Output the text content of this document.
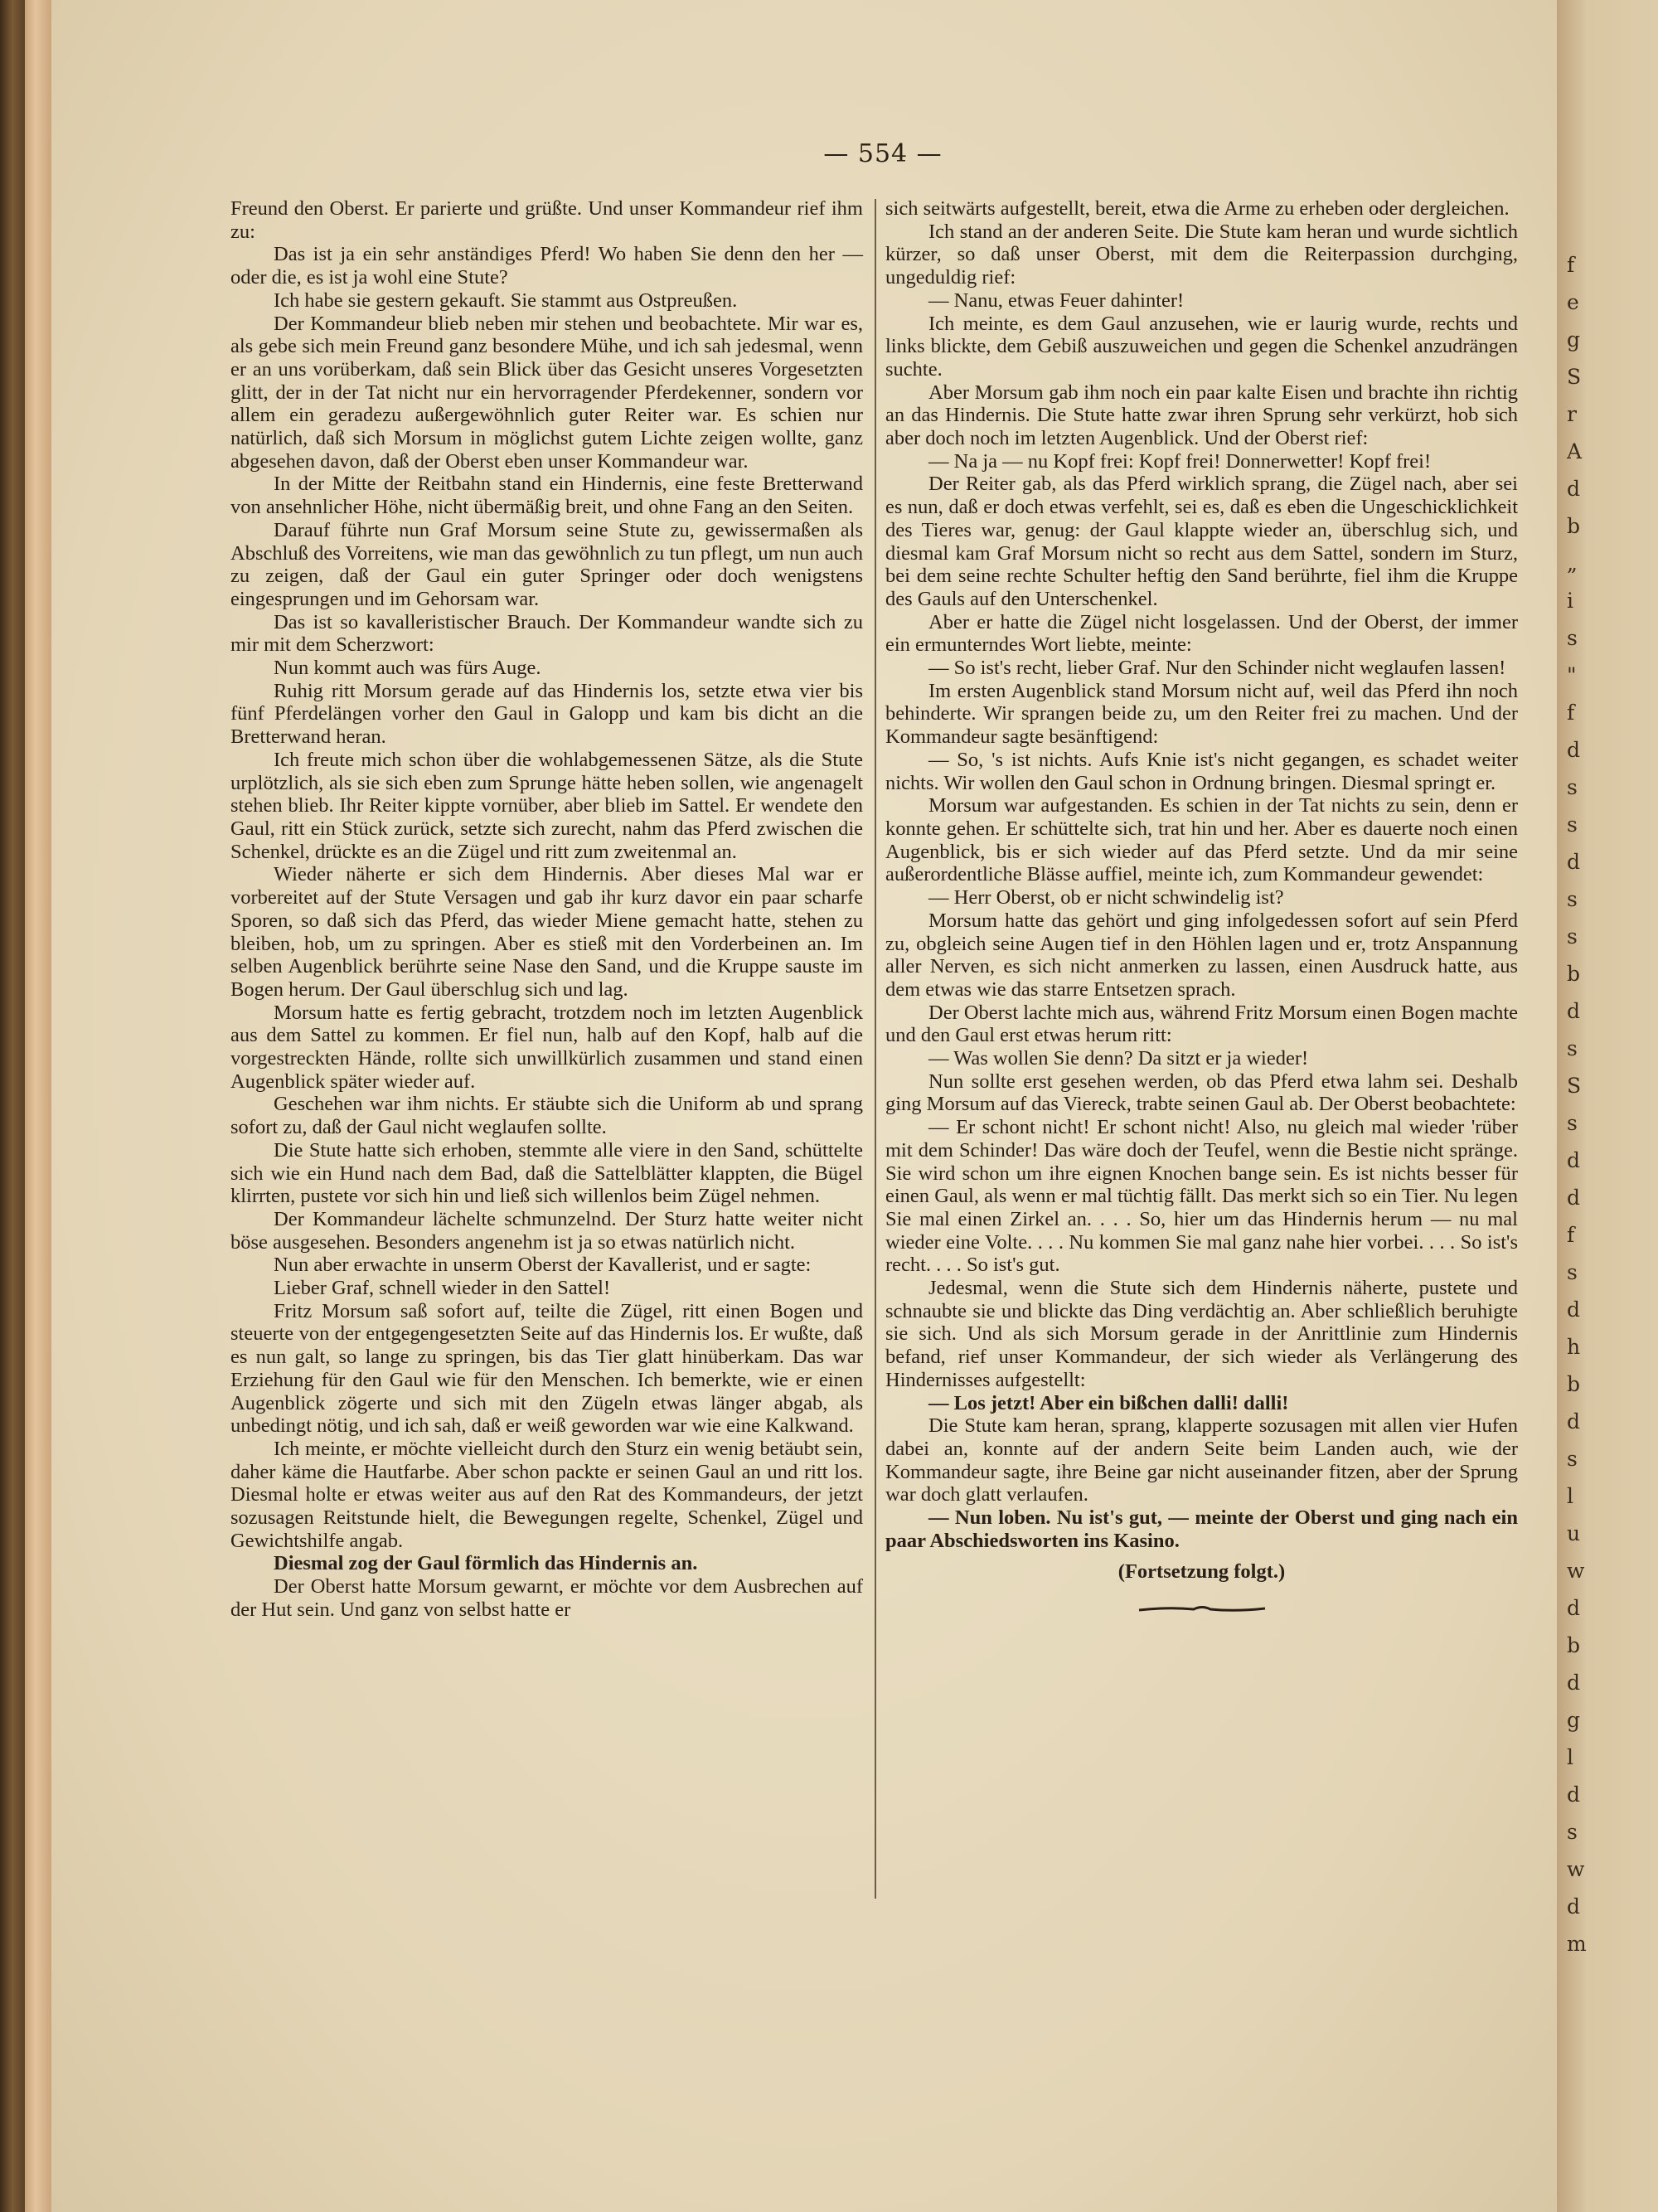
f
e
g
S
r
A
d
b
„
i
s
"
f
d
s
s
d
s
s
b
d
s
S
s
d
d
f
s
d
h
b
d
s
l
u
w
d
b
d
g
l
d
s
w
d
m
— 554 —

Freund den Oberst. Er parierte und grüßte. Und unser Kommandeur rief ihm zu:

Das ist ja ein sehr anständiges Pferd! Wo haben Sie denn den her — oder die, es ist ja wohl eine Stute?

Ich habe sie gestern gekauft. Sie stammt aus Ostpreußen.

Der Kommandeur blieb neben mir stehen und beobachtete. Mir war es, als gebe sich mein Freund ganz besondere Mühe, und ich sah jedesmal, wenn er an uns vorüberkam, daß sein Blick über das Gesicht unseres Vorgesetzten glitt, der in der Tat nicht nur ein hervorragender Pferdekenner, sondern vor allem ein geradezu außergewöhnlich guter Reiter war. Es schien nur natürlich, daß sich Morsum in möglichst gutem Lichte zeigen wollte, ganz abgesehen davon, daß der Oberst eben unser Kommandeur war.

In der Mitte der Reitbahn stand ein Hindernis, eine feste Bretterwand von ansehnlicher Höhe, nicht übermäßig breit, und ohne Fang an den Seiten.

Darauf führte nun Graf Morsum seine Stute zu, gewissermaßen als Abschluß des Vorreitens, wie man das gewöhnlich zu tun pflegt, um nun auch zu zeigen, daß der Gaul ein guter Springer oder doch wenigstens eingesprungen und im Gehorsam war.

Das ist so kavalleristischer Brauch. Der Kommandeur wandte sich zu mir mit dem Scherzwort:

Nun kommt auch was fürs Auge.

Ruhig ritt Morsum gerade auf das Hindernis los, setzte etwa vier bis fünf Pferdelängen vorher den Gaul in Galopp und kam bis dicht an die Bretterwand heran.

Ich freute mich schon über die wohlabgemessenen Sätze, als die Stute urplötzlich, als sie sich eben zum Sprunge hätte heben sollen, wie angenagelt stehen blieb. Ihr Reiter kippte vornüber, aber blieb im Sattel. Er wendete den Gaul, ritt ein Stück zurück, setzte sich zurecht, nahm das Pferd zwischen die Schenkel, drückte es an die Zügel und ritt zum zweitenmal an.

Wieder näherte er sich dem Hindernis. Aber dieses Mal war er vorbereitet auf der Stute Versagen und gab ihr kurz davor ein paar scharfe Sporen, so daß sich das Pferd, das wieder Miene gemacht hatte, stehen zu bleiben, hob, um zu springen. Aber es stieß mit den Vorderbeinen an. Im selben Augenblick berührte seine Nase den Sand, und die Kruppe sauste im Bogen herum. Der Gaul überschlug sich und lag.

Morsum hatte es fertig gebracht, trotzdem noch im letzten Augenblick aus dem Sattel zu kommen. Er fiel nun, halb auf den Kopf, halb auf die vorgestreckten Hände, rollte sich unwillkürlich zusammen und stand einen Augenblick später wieder auf.

Geschehen war ihm nichts. Er stäubte sich die Uniform ab und sprang sofort zu, daß der Gaul nicht weglaufen sollte.

Die Stute hatte sich erhoben, stemmte alle viere in den Sand, schüttelte sich wie ein Hund nach dem Bad, daß die Sattelblätter klappten, die Bügel klirrten, pustete vor sich hin und ließ sich willenlos beim Zügel nehmen.

Der Kommandeur lächelte schmunzelnd. Der Sturz hatte weiter nicht böse ausgesehen. Besonders angenehm ist ja so etwas natürlich nicht.

Nun aber erwachte in unserm Oberst der Kavallerist, und er sagte:

Lieber Graf, schnell wieder in den Sattel!

Fritz Morsum saß sofort auf, teilte die Zügel, ritt einen Bogen und steuerte von der entgegengesetzten Seite auf das Hindernis los. Er wußte, daß es nun galt, so lange zu springen, bis das Tier glatt hinüberkam. Das war Erziehung für den Gaul wie für den Menschen. Ich bemerkte, wie er einen Augenblick zögerte und sich mit den Zügeln etwas länger abgab, als unbedingt nötig, und ich sah, daß er weiß geworden war wie eine Kalkwand.

Ich meinte, er möchte vielleicht durch den Sturz ein wenig betäubt sein, daher käme die Hautfarbe. Aber schon packte er seinen Gaul an und ritt los. Diesmal holte er etwas weiter aus auf den Rat des Kommandeurs, der jetzt sozusagen Reitstunde hielt, die Bewegungen regelte, Schenkel, Zügel und Gewichtshilfe angab.

Diesmal zog der Gaul förmlich das Hindernis an.

Der Oberst hatte Morsum gewarnt, er möchte vor dem Ausbrechen auf der Hut sein. Und ganz von selbst hatte er

sich seitwärts aufgestellt, bereit, etwa die Arme zu erheben oder dergleichen.

Ich stand an der anderen Seite. Die Stute kam heran und wurde sichtlich kürzer, so daß unser Oberst, mit dem die Reiterpassion durchging, ungeduldig rief:

— Nanu, etwas Feuer dahinter!

Ich meinte, es dem Gaul anzusehen, wie er laurig wurde, rechts und links blickte, dem Gebiß auszuweichen und gegen die Schenkel anzudrängen suchte.

Aber Morsum gab ihm noch ein paar kalte Eisen und brachte ihn richtig an das Hindernis. Die Stute hatte zwar ihren Sprung sehr verkürzt, hob sich aber doch noch im letzten Augenblick. Und der Oberst rief:

— Na ja — nu Kopf frei: Kopf frei! Donnerwetter! Kopf frei!

Der Reiter gab, als das Pferd wirklich sprang, die Zügel nach, aber sei es nun, daß er doch etwas verfehlt, sei es, daß es eben die Ungeschicklichkeit des Tieres war, genug: der Gaul klappte wieder an, überschlug sich, und diesmal kam Graf Morsum nicht so recht aus dem Sattel, sondern im Sturz, bei dem seine rechte Schulter heftig den Sand berührte, fiel ihm die Kruppe des Gauls auf den Unterschenkel.

Aber er hatte die Zügel nicht losgelassen. Und der Oberst, der immer ein ermunterndes Wort liebte, meinte:

— So ist's recht, lieber Graf. Nur den Schinder nicht weglaufen lassen!

Im ersten Augenblick stand Morsum nicht auf, weil das Pferd ihn noch behinderte. Wir sprangen beide zu, um den Reiter frei zu machen. Und der Kommandeur sagte besänftigend:

— So, 's ist nichts. Aufs Knie ist's nicht gegangen, es schadet weiter nichts. Wir wollen den Gaul schon in Ordnung bringen. Diesmal springt er.

Morsum war aufgestanden. Es schien in der Tat nichts zu sein, denn er konnte gehen. Er schüttelte sich, trat hin und her. Aber es dauerte noch einen Augenblick, bis er sich wieder auf das Pferd setzte. Und da mir seine außerordentliche Blässe auffiel, meinte ich, zum Kommandeur gewendet:

— Herr Oberst, ob er nicht schwindelig ist?

Morsum hatte das gehört und ging infolgedessen sofort auf sein Pferd zu, obgleich seine Augen tief in den Höhlen lagen und er, trotz Anspannung aller Nerven, es sich nicht anmerken zu lassen, einen Ausdruck hatte, aus dem etwas wie das starre Entsetzen sprach.

Der Oberst lachte mich aus, während Fritz Morsum einen Bogen machte und den Gaul erst etwas herum ritt:

— Was wollen Sie denn? Da sitzt er ja wieder!

Nun sollte erst gesehen werden, ob das Pferd etwa lahm sei. Deshalb ging Morsum auf das Viereck, trabte seinen Gaul ab. Der Oberst beobachtete:

— Er schont nicht! Er schont nicht! Also, nu gleich mal wieder 'rüber mit dem Schinder! Das wäre doch der Teufel, wenn die Bestie nicht spränge. Sie wird schon um ihre eignen Knochen bange sein. Es ist nichts besser für einen Gaul, als wenn er mal tüchtig fällt. Das merkt sich so ein Tier. Nu legen Sie mal einen Zirkel an. . . . So, hier um das Hindernis herum — nu mal wieder eine Volte. . . . Nu kommen Sie mal ganz nahe hier vorbei. . . . So ist's recht. . . . So ist's gut.

Jedesmal, wenn die Stute sich dem Hindernis näherte, pustete und schnaubte sie und blickte das Ding verdächtig an. Aber schließlich beruhigte sie sich. Und als sich Morsum gerade in der Anrittlinie zum Hindernis befand, rief unser Kommandeur, der sich wieder als Verlängerung des Hindernisses aufgestellt:

— Los jetzt! Aber ein bißchen dalli! dalli!

Die Stute kam heran, sprang, klapperte sozusagen mit allen vier Hufen dabei an, konnte auf der andern Seite beim Landen auch, wie der Kommandeur sagte, ihre Beine gar nicht auseinander fitzen, aber der Sprung war doch glatt verlaufen.

— Nun loben. Nu ist's gut, — meinte der Oberst und ging nach ein paar Abschiedsworten ins Kasino.

(Fortsetzung folgt.)
